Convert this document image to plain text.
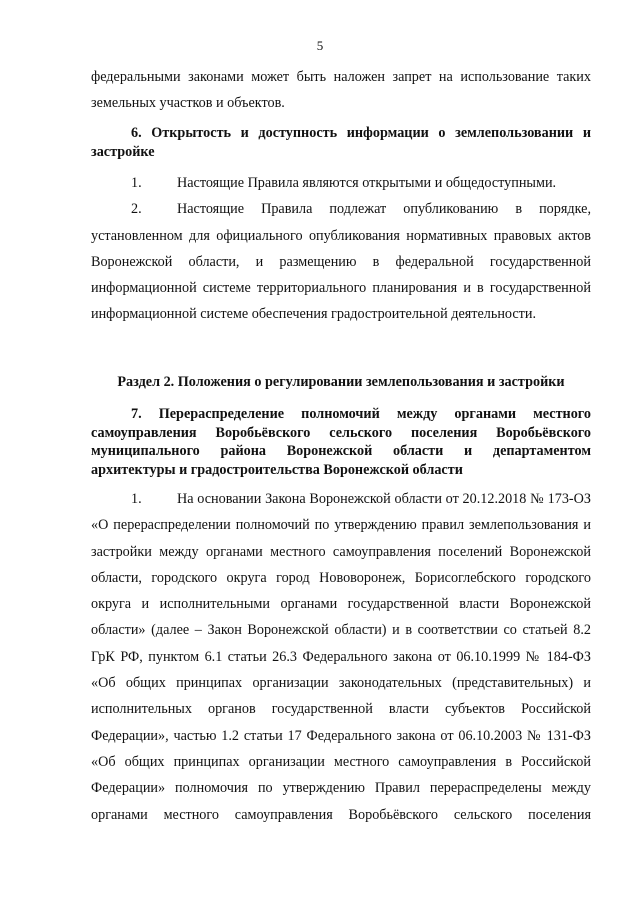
5

федеральными законами может быть наложен запрет на использование таких земельных участков и объектов.

6. Открытость и доступность информации о землепользовании и застройке

1. Настоящие Правила являются открытыми и общедоступными.

2. Настоящие Правила подлежат опубликованию в порядке, установленном для официального опубликования нормативных правовых актов Воронежской области, и размещению в федеральной государственной информационной системе территориального планирования и в государственной информационной системе обеспечения градостроительной деятельности.

Раздел 2. Положения о регулировании землепользования и застройки

7. Перераспределение полномочий между органами местного самоуправления Воробьёвского сельского поселения Воробьёвского муниципального района Воронежской области и департаментом архитектуры и градостроительства Воронежской области

1. На основании Закона Воронежской области от 20.12.2018 № 173-ОЗ «О перераспределении полномочий по утверждению правил землепользования и застройки между органами местного самоуправления поселений Воронежской области, городского округа город Нововоронеж, Борисоглебского городского округа и исполнительными органами государственной власти Воронежской области» (далее – Закон Воронежской области) и в соответствии со статьей 8.2 ГрК РФ, пунктом 6.1 статьи 26.3 Федерального закона от 06.10.1999 № 184-ФЗ «Об общих принципах организации законодательных (представительных) и исполнительных органов государственной власти субъектов Российской Федерации», частью 1.2 статьи 17 Федерального закона от 06.10.2003 № 131-ФЗ «Об общих принципах организации местного самоуправления в Российской Федерации» полномочия по утверждению Правил перераспределены между органами местного самоуправления Воробьёвского сельского поселения
